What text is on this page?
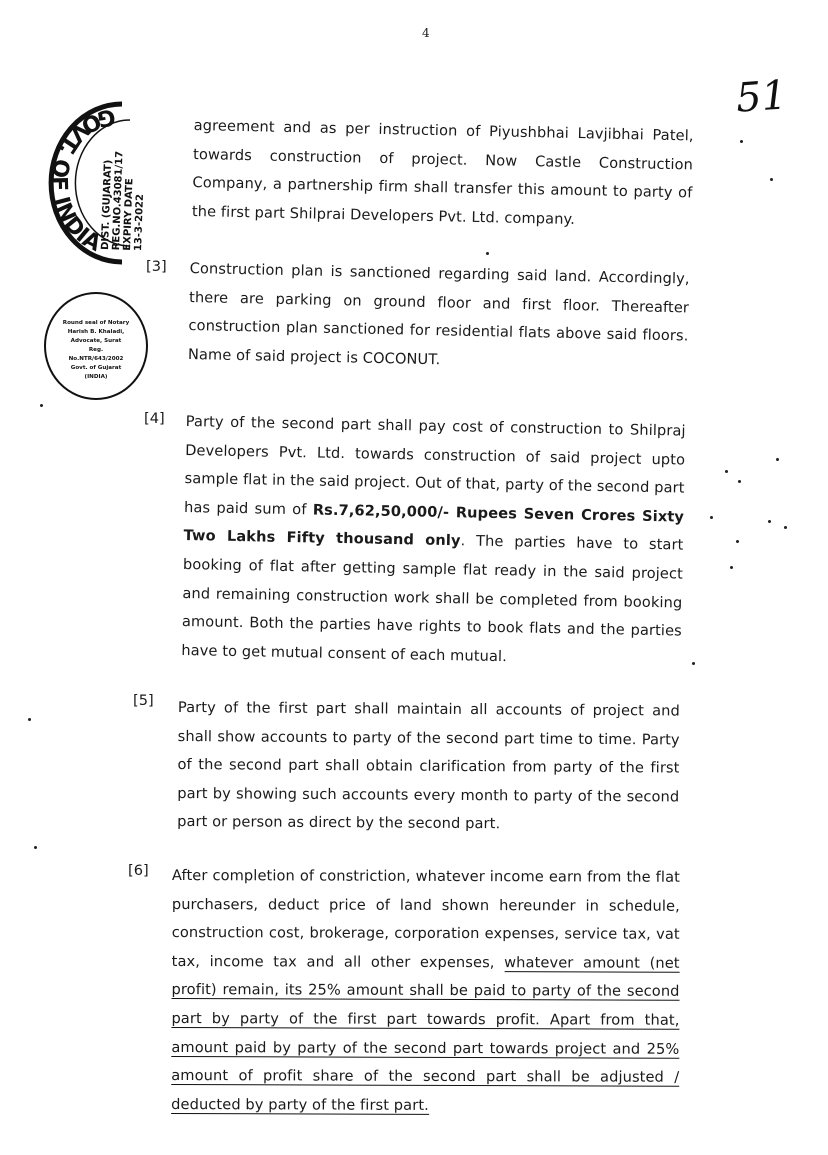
4
51
GOVT. OF INDIA
DIST. (GUJARAT)
REG.NO.43081/17
EXPIRY DATE
13-3-2022
Round seal of Notary
Harish B. Khaladi,
Advocate, Surat
Reg.
No.NTR/643/2002
Govt. of Gujarat
(INDIA)

agreement and as per instruction of Piyushbhai Lavjibhai Patel, towards construction of project. Now Castle Construction Company, a partnership firm shall transfer this amount to party of the first part Shilprai Developers Pvt. Ltd. company.

[3] Construction plan is sanctioned regarding said land. Accordingly, there are parking on ground floor and first floor. Thereafter construction plan sanctioned for residential flats above said floors. Name of said project is COCONUT.

[4]	Party of the second part shall pay cost of construction to Shilpraj Developers Pvt. Ltd. towards construction of said project upto sample flat in the said project. Out of that, party of the second part has paid sum of Rs.7,62,50,000/- Rupees Seven Crores Sixty Two Lakhs Fifty thousand only. The parties have to start booking of flat after getting sample flat ready in the said project and remaining construction work shall be completed from booking amount. Both the parties have rights to book flats and the parties have to get mutual consent of each mutual.

[5] Party of the first part shall maintain all accounts of project and shall show accounts to party of the second part time to time. Party of the second part shall obtain clarification from party of the first part by showing such accounts every month to party of the second part or person as direct by the second part.

[6] After completion of constriction, whatever income earn from the flat purchasers, deduct price of land shown hereunder in schedule, construction cost, brokerage, corporation expenses, service tax, vat tax, income tax and all other expenses, whatever amount (net profit) remain, its 25% amount shall be paid to party of the second part by party of the first part towards profit. Apart from that, amount paid by party of the second part towards project and 25% amount of profit share of the second part shall be adjusted / deducted by party of the first part.
